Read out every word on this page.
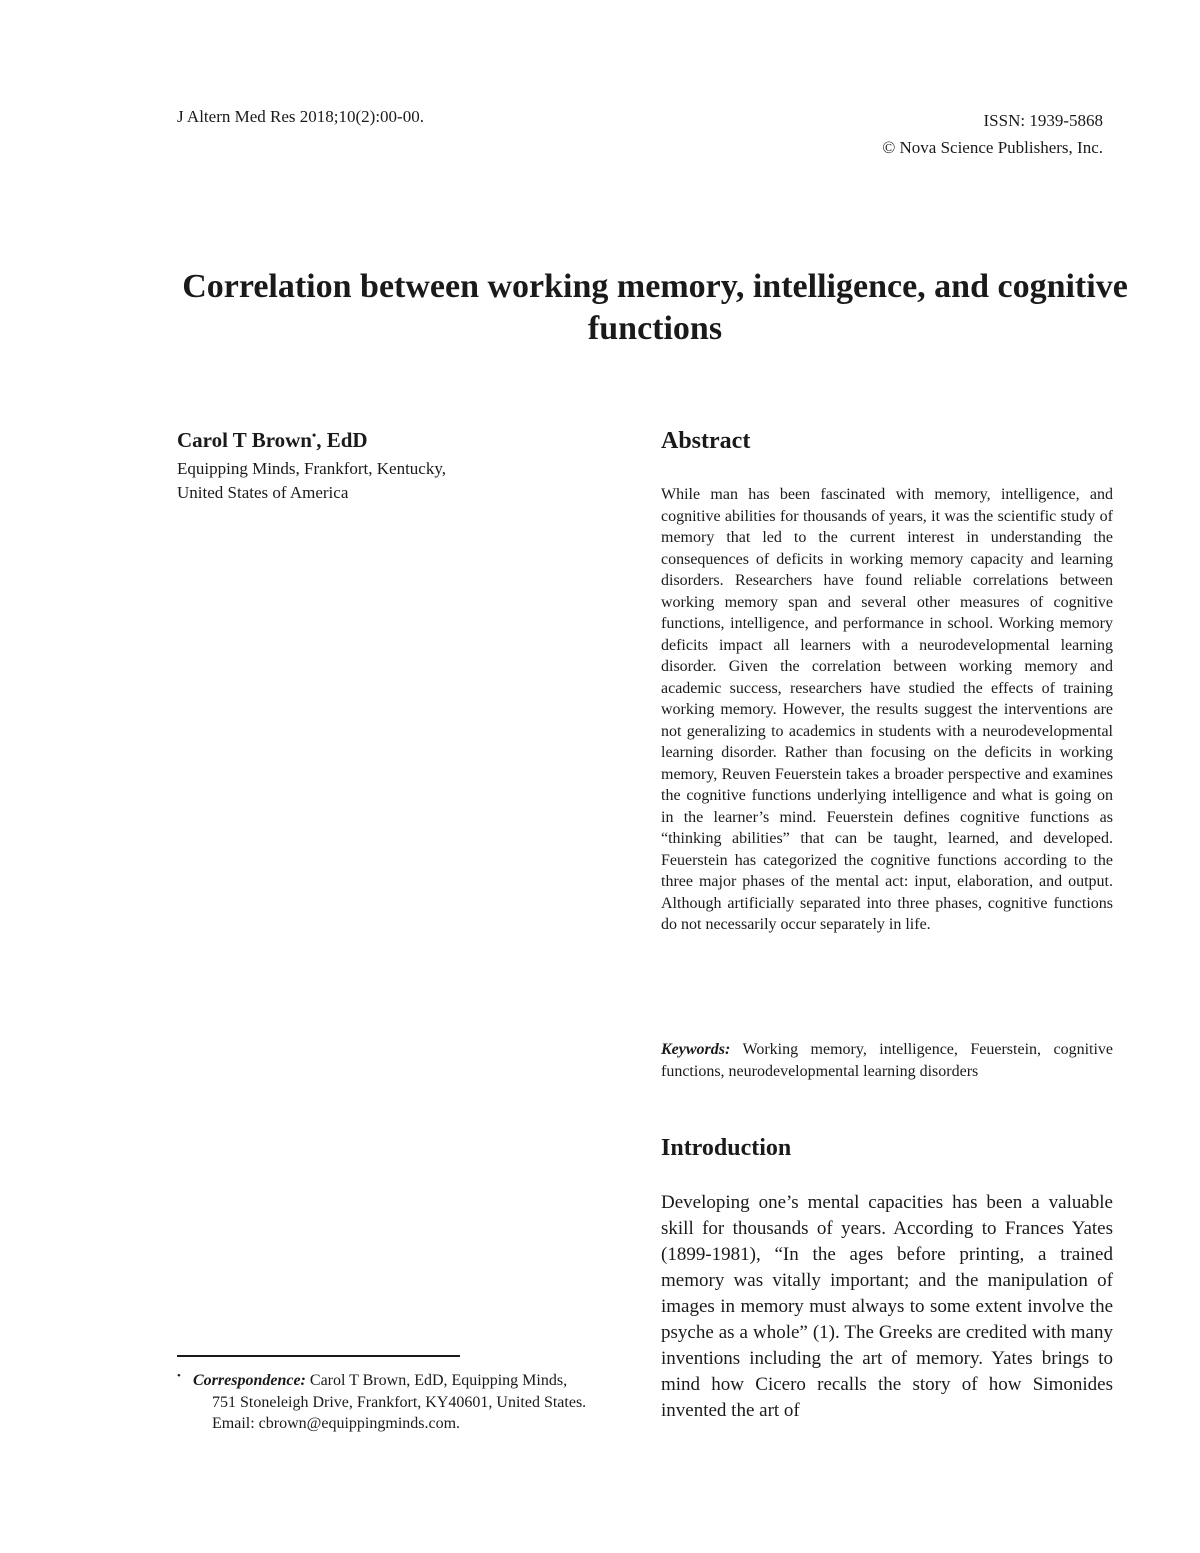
J Altern Med Res 2018;10(2):00-00.	ISSN: 1939-5868
© Nova Science Publishers, Inc.
Correlation between working memory, intelligence, and cognitive functions
Carol T Brown•, EdD
Equipping Minds, Frankfort, Kentucky,
United States of America
Abstract
While man has been fascinated with memory, intelligence, and cognitive abilities for thousands of years, it was the scientific study of memory that led to the current interest in understanding the consequences of deficits in working memory capacity and learning disorders. Researchers have found reliable correlations between working memory span and several other measures of cognitive functions, intelligence, and performance in school. Working memory deficits impact all learners with a neurodevelopmental learning disorder. Given the correlation between working memory and academic success, researchers have studied the effects of training working memory. However, the results suggest the interventions are not generalizing to academics in students with a neurodevelopmental learning disorder. Rather than focusing on the deficits in working memory, Reuven Feuerstein takes a broader perspective and examines the cognitive functions underlying intelligence and what is going on in the learner’s mind. Feuerstein defines cognitive functions as “thinking abilities” that can be taught, learned, and developed. Feuerstein has categorized the cognitive functions according to the three major phases of the mental act: input, elaboration, and output. Although artificially separated into three phases, cognitive functions do not necessarily occur separately in life.
Keywords: Working memory, intelligence, Feuerstein, cognitive functions, neurodevelopmental learning disorders
Introduction
Developing one’s mental capacities has been a valuable skill for thousands of years. According to Frances Yates (1899-1981), “In the ages before printing, a trained memory was vitally important; and the manipulation of images in memory must always to some extent involve the psyche as a whole” (1). The Greeks are credited with many inventions including the art of memory. Yates brings to mind how Cicero recalls the story of how Simonides invented the art of
• Correspondence: Carol T Brown, EdD, Equipping Minds,
751 Stoneleigh Drive, Frankfort, KY40601, United States.
Email: cbrown@equippingminds.com.
